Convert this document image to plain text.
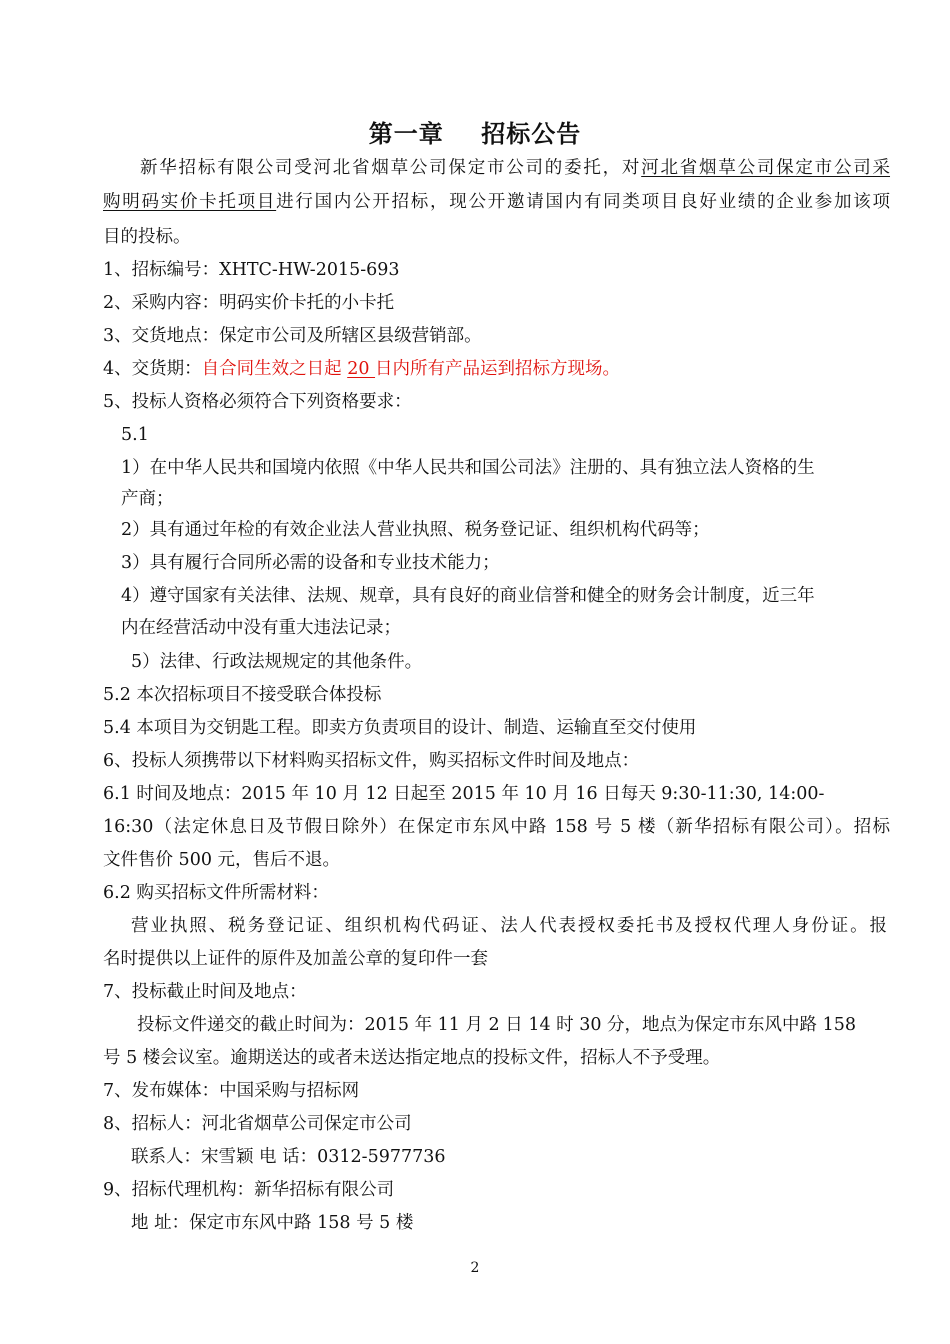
第一章    招标公告
新华招标有限公司受河北省烟草公司保定市公司的委托，对河北省烟草公司保定市公司采
购明码实价卡托项目进行国内公开招标，现公开邀请国内有同类项目良好业绩的企业参加该项
目的投标。
1、招标编号：XHTC-HW-2015-693
2、采购内容：明码实价卡托的小卡托
3、交货地点：保定市公司及所辖区县级营销部。
4、交货期：自合同生效之日起 20 日内所有产品运到招标方现场。
5、投标人资格必须符合下列资格要求：
5.1
1）在中华人民共和国境内依照《中华人民共和国公司法》注册的、具有独立法人资格的生
产商；
2）具有通过年检的有效企业法人营业执照、税务登记证、组织机构代码等；
3）具有履行合同所必需的设备和专业技术能力；
4）遵守国家有关法律、法规、规章，具有良好的商业信誉和健全的财务会计制度，近三年
内在经营活动中没有重大违法记录；
5）法律、行政法规规定的其他条件。
5.2 本次招标项目不接受联合体投标
5.4 本项目为交钥匙工程。即卖方负责项目的设计、制造、运输直至交付使用
6、投标人须携带以下材料购买招标文件，购买招标文件时间及地点：
6.1 时间及地点：2015 年 10 月 12 日起至 2015 年 10 月 16 日每天 9:30-11:30, 14:00-
16:30（法定休息日及节假日除外）在保定市东风中路 158 号 5 楼（新华招标有限公司）。招标
文件售价 500 元，售后不退。
6.2 购买招标文件所需材料：
营业执照、税务登记证、组织机构代码证、法人代表授权委托书及授权代理人身份证。报
名时提供以上证件的原件及加盖公章的复印件一套
7、投标截止时间及地点：
投标文件递交的截止时间为：2015 年 11 月 2 日 14 时 30 分，地点为保定市东风中路 158
号 5 楼会议室。逾期送达的或者未送达指定地点的投标文件，招标人不予受理。
7、发布媒体：中国采购与招标网
8、招标人：河北省烟草公司保定市公司
联系人：宋雪颖 电 话：0312-5977736
9、招标代理机构：新华招标有限公司
地 址：保定市东风中路 158 号 5 楼
2
